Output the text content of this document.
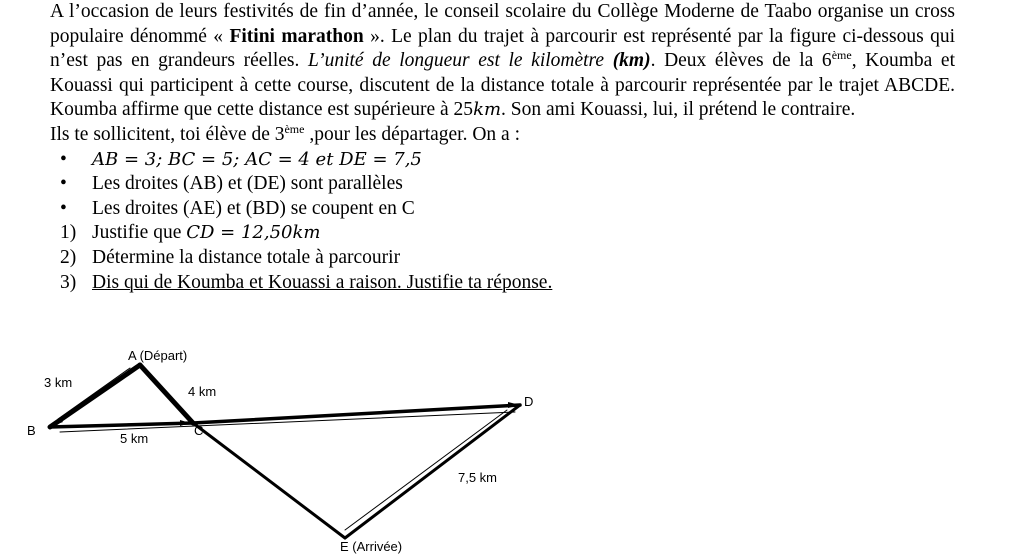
A l’occasion de leurs festivités de fin d’année, le conseil scolaire du Collège Moderne de Taabo organise un cross populaire dénommé « Fitini marathon ». Le plan du trajet à parcourir est représenté par la figure ci-dessous qui n’est pas en grandeurs réelles. L’unité de longueur est le kilomètre (km). Deux élèves de la 6ème, Koumba et Kouassi qui participent à cette course, discutent de la distance totale à parcourir représentée par le trajet ABCDE. Koumba affirme que cette distance est supérieure à 25km. Son ami Kouassi, lui, il prétend le contraire.

Ils te sollicitent, toi élève de 3ème ,pour les départager. On a :

• AB = 3; BC = 5; AC = 4 et DE = 7,5
• Les droites (AB) et (DE) sont parallèles
• Les droites (AE) et (BD) se coupent en C
1) Justifie que CD = 12,50km
2) Détermine la distance totale à parcourir
3) Dis qui de Koumba et Kouassi a raison. Justifie ta réponse.
A (Départ)
B	C
D
E (Arrivée)
3 km
4 km
5 km
7,5 km
